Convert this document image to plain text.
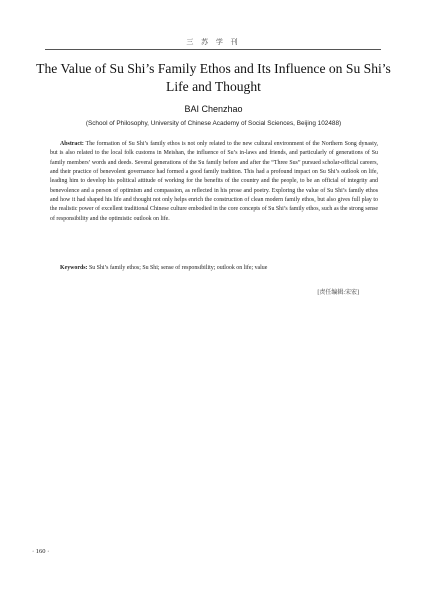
三 苏 学 刊
The Value of Su Shi’s Family Ethos and Its Influence on Su Shi’s Life and Thought
BAI Chenzhao
(School of Philosophy, University of Chinese Academy of Social Sciences, Beijing 102488)
Abstract: The formation of Su Shi’s family ethos is not only related to the new cultural environment of the Northern Song dynasty, but is also related to the local folk customs in Meishan, the influence of Su’s in-laws and friends, and particularly of generations of Su family members’ words and deeds. Several generations of the Su family before and after the “Three Sus” pursued scholar-official careers, and their practice of benevolent governance had formed a good family tradition. This had a profound impact on Su Shi’s outlook on life, leading him to develop his political attitude of working for the benefits of the country and the people, to be an official of integrity and benevolence and a person of optimism and compassion, as reflected in his prose and poetry. Exploring the value of Su Shi’s family ethos and how it had shaped his life and thought not only helps enrich the construction of clean modern family ethos, but also gives full play to the realistic power of excellent traditional Chinese culture embodied in the core concepts of Su Shi’s family ethos, such as the strong sense of responsibility and the optimistic outlook on life.
Keywords: Su Shi’s family ethos; Su Shi; sense of responsibility; outlook on life; value
[责任编辑:宋宏]
· 160 ·
